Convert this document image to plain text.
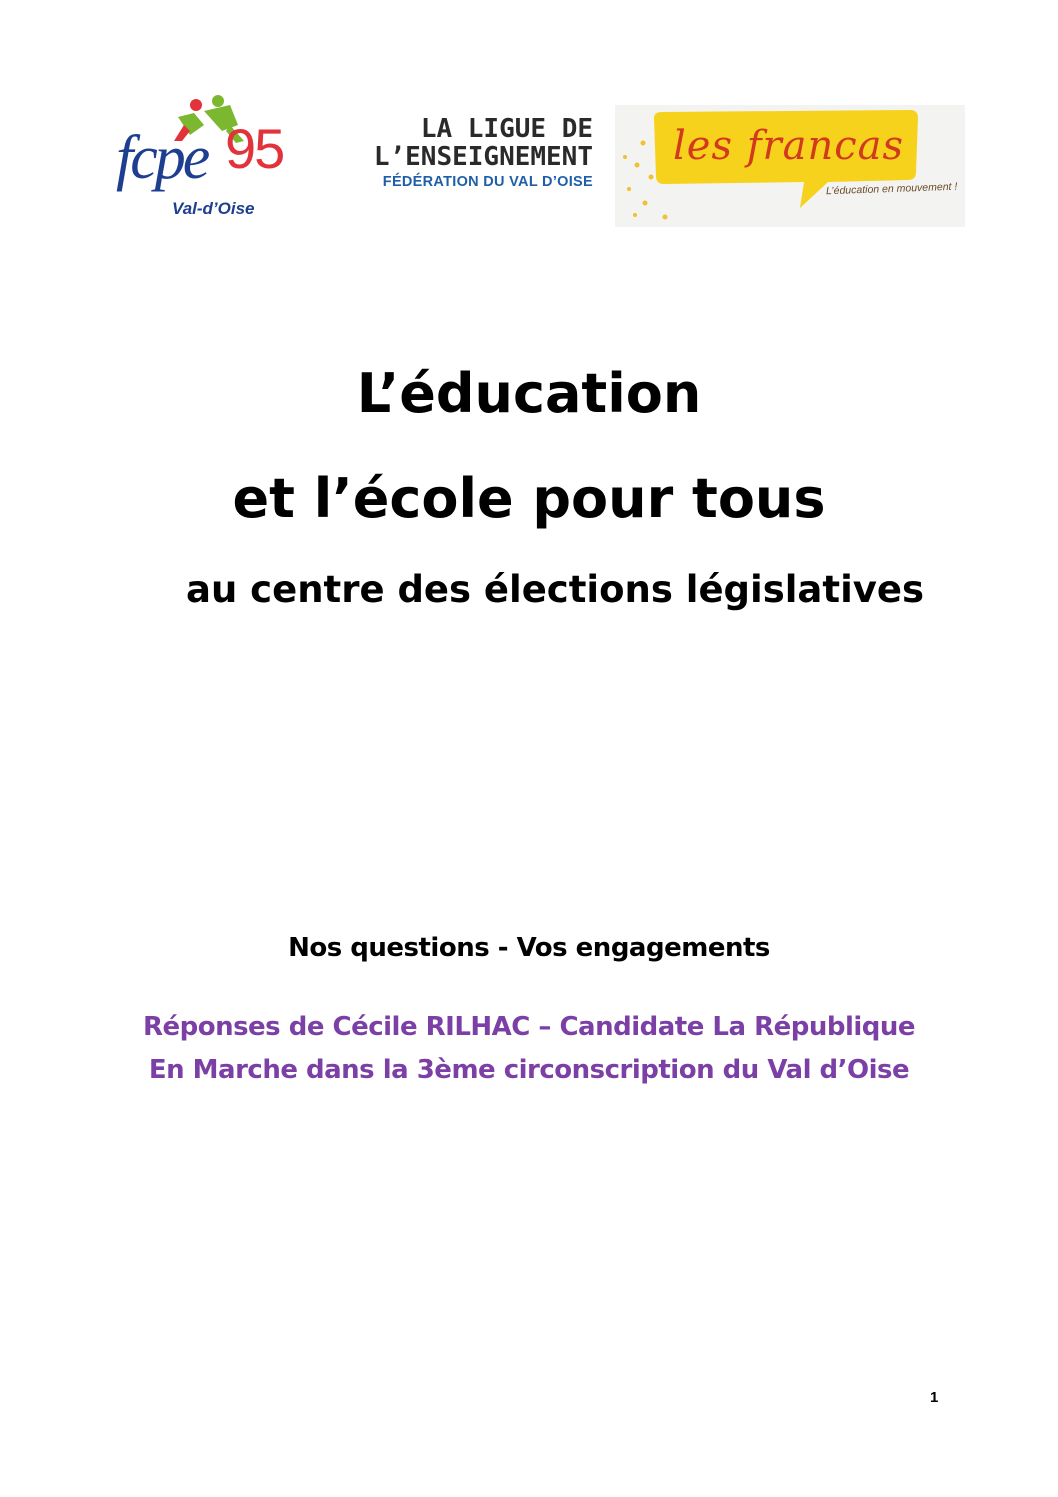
fcpe 95
Val-d’Oise
LA LIGUE DE
L’ENSEIGNEMENT
FÉDÉRATION DU VAL D’OISE
les francas
L’éducation en mouvement !
L’éducation
et l’école pour tous
au centre des élections législatives
Nos questions - Vos engagements
Réponses de Cécile RILHAC – Candidate La République
En Marche dans la 3ème circonscription du Val d’Oise
1
